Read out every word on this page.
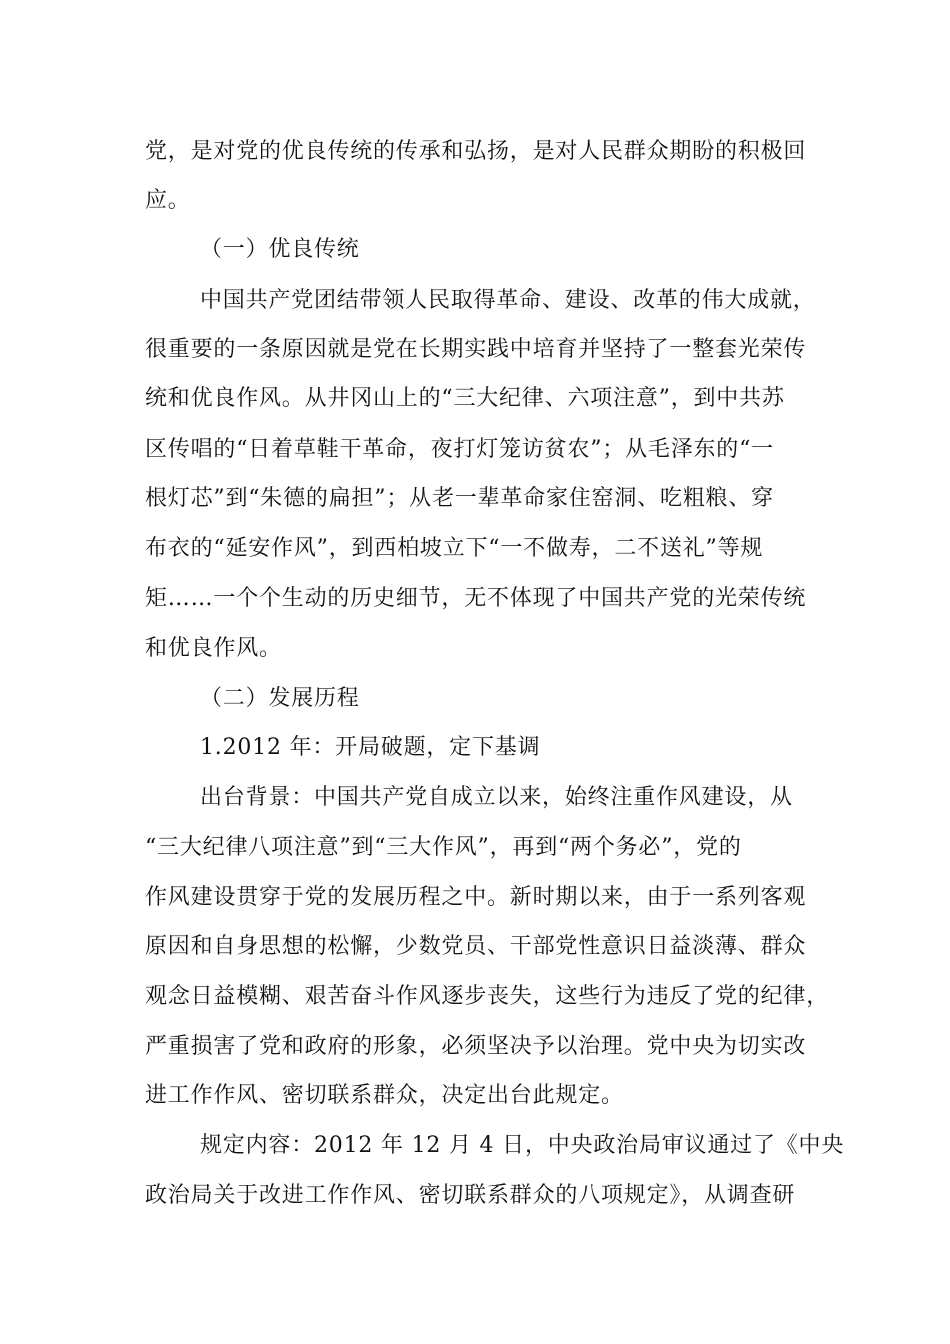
党，是对党的优良传统的传承和弘扬，是对人民群众期盼的积极回
应。
（一）优良传统
中国共产党团结带领人民取得革命、建设、改革的伟大成就，
很重要的一条原因就是党在长期实践中培育并坚持了一整套光荣传
统和优良作风。从井冈山上的“三大纪律、六项注意”，到中共苏
区传唱的“日着草鞋干革命，夜打灯笼访贫农”；从毛泽东的“一
根灯芯”到“朱德的扁担”；从老一辈革命家住窑洞、吃粗粮、穿
布衣的“延安作风”，到西柏坡立下“一不做寿，二不送礼”等规
矩……一个个生动的历史细节，无不体现了中国共产党的光荣传统
和优良作风。
（二）发展历程
1.2012 年：开局破题，定下基调
出台背景：中国共产党自成立以来，始终注重作风建设，从
“三大纪律八项注意”到“三大作风”，再到“两个务必”，党的
作风建设贯穿于党的发展历程之中。新时期以来，由于一系列客观
原因和自身思想的松懈，少数党员、干部党性意识日益淡薄、群众
观念日益模糊、艰苦奋斗作风逐步丧失，这些行为违反了党的纪律，
严重损害了党和政府的形象，必须坚决予以治理。党中央为切实改
进工作作风、密切联系群众，决定出台此规定。
规定内容：2012 年 12 月 4 日，中央政治局审议通过了《中央
政治局关于改进工作作风、密切联系群众的八项规定》，从调查研
